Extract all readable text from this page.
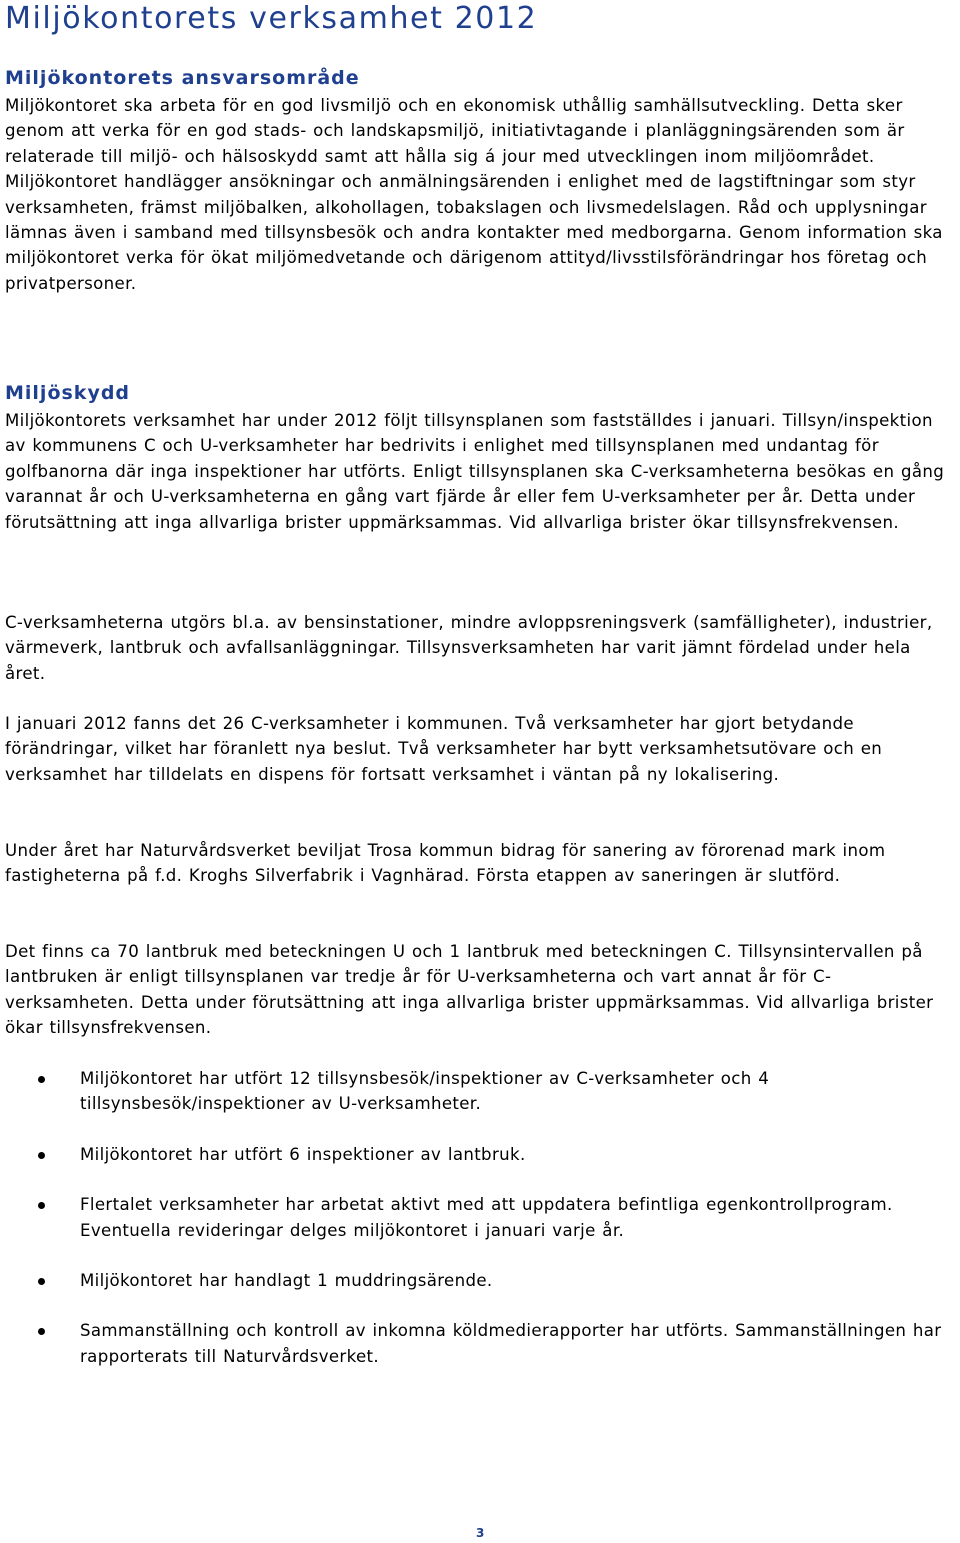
Miljökontorets verksamhet 2012
Miljökontorets ansvarsområde

Miljökontoret ska arbeta för en god livsmiljö och en ekonomisk uthållig samhällsutveckling. Detta sker genom att verka för en god stads- och landskapsmiljö, initiativtagande i planläggningsärenden som är relaterade till miljö- och hälsoskydd samt att hålla sig á jour med utvecklingen inom miljöområdet. Miljökontoret handlägger ansökningar och anmälningsärenden i enlighet med de lagstiftningar som styr verksamheten, främst miljöbalken, alkohollagen, tobakslagen och livsmedelslagen. Råd och upplysningar lämnas även i samband med tillsynsbesök och andra kontakter med medborgarna. Genom information ska miljökontoret verka för ökat miljömedvetande och därigenom attityd/livsstilsförändringar hos företag och privatpersoner.

Miljöskydd

Miljökontorets verksamhet har under 2012 följt tillsynsplanen som fastställdes i januari. Tillsyn/inspektion av kommunens C och U-verksamheter har bedrivits i enlighet med tillsynsplanen med undantag för golfbanorna där inga inspektioner har utförts. Enligt tillsynsplanen ska C-verksamheterna besökas en gång varannat år och U-verksamheterna en gång vart fjärde år eller fem U-verksamheter per år. Detta under förutsättning att inga allvarliga brister uppmärksammas. Vid allvarliga brister ökar tillsynsfrekvensen.

C-verksamheterna utgörs bl.a. av bensinstationer, mindre avloppsreningsverk (samfälligheter), industrier, värmeverk, lantbruk och avfallsanläggningar. Tillsynsverksamheten har varit jämnt fördelad under hela året.

I januari 2012 fanns det 26 C-verksamheter i kommunen. Två verksamheter har gjort betydande förändringar, vilket har föranlett nya beslut. Två verksamheter har bytt verksamhetsutövare och en verksamhet har tilldelats en dispens för fortsatt verksamhet i väntan på ny lokalisering.

Under året har Naturvårdsverket beviljat Trosa kommun bidrag för sanering av förorenad mark inom fastigheterna på f.d. Kroghs Silverfabrik i Vagnhärad. Första etappen av saneringen är slutförd.

Det finns ca 70 lantbruk med beteckningen U och 1 lantbruk med beteckningen C. Tillsynsintervallen på lantbruken är enligt tillsynsplanen var tredje år för U-verksamheterna och vart annat år för C-verksamheten. Detta under förutsättning att inga allvarliga brister uppmärksammas. Vid allvarliga brister ökar tillsynsfrekvensen.

Miljökontoret har utfört 12 tillsynsbesök/inspektioner av C-verksamheter och 4 tillsynsbesök/inspektioner av U-verksamheter.
Miljökontoret har utfört 6 inspektioner av lantbruk.
Flertalet verksamheter har arbetat aktivt med att uppdatera befintliga egenkontrollprogram. Eventuella revideringar delges miljökontoret i januari varje år.
Miljökontoret har handlagt 1 muddringsärende.
Sammanställning och kontroll av inkomna köldmedierapporter har utförts. Sammanställningen har rapporterats till Naturvårdsverket.
3
